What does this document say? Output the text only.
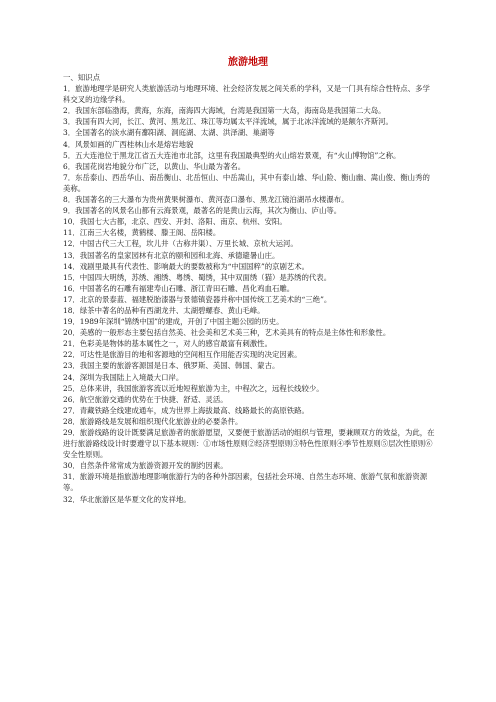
旅游地理

一、知识点

1．旅游地理学是研究人类旅游活动与地理环境、社会经济发展之间关系的学科，又是一门具有综合性特点、多学科交叉的边缘学科。

2．我国东部临渤海，黄海，东海，南海四大海域，台湾是我国第一大岛，海南岛是我国第二大岛。

3．我国有四大河，长江、黄河、黑龙江、珠江等均属太平洋流域，属于北冰洋流域的是额尔齐斯河。

3．全国著名的淡水湖有鄱阳湖、洞庭湖、太湖、洪泽湖、巢湖等

4．风景如画的广西桂林山水是熔岩地貌

5．五大连池位于黑龙江省五大连池市北部，这里有我国最典型的火山熔岩景观，有“火山博物馆”之称。

6．我国花岗岩地貌分布广泛，以黄山、华山最为著名。

7．东岳泰山、西岳华山、南岳衡山、北岳恒山、中岳嵩山，其中有泰山雄、华山险、衡山幽、嵩山俊、衡山秀的美称。

8．我国著名的三大瀑布为贵州黄果树瀑布、黄河壶口瀑布、黑龙江镜泊湖吊水楼瀑布。

9．我国著名的风景名山都有云海景观，最著名的是黄山云海，其次为衡山、庐山等。

10．我国七大古都，北京、西安、开封、洛阳、南京、杭州、安阳。

11．江南三大名楼，黄鹤楼、滕王阁、岳阳楼。

12．中国古代三大工程，坎儿井（古称井渠）、万里长城、京杭大运河。

13．我国著名的皇家园林有北京的颐和园和北海、承德避暑山庄。

14．戏剧里最具有代表性、影响最大的要数被称为“中国国粹”的京剧艺术。

15．中国四大明绣，苏绣、湘绣、粤绣、蜀绣，其中双面绣（猫）是苏绣的代表。

16．中国著名的石雕有福建寿山石雕、浙江青田石雕、昌化鸡血石雕。

17．北京的景泰蓝、福建脱胎漆器与景德镇瓷器并称中国传统工艺美术的“三绝”。

18．绿茶中著名的品种有西湖龙井、太湖碧螺春、黄山毛峰。

19．1989年深圳“锦绣中国”的建成，开创了中国主题公园的历史。

20．美感的一般形态主要包括自然美、社会美和艺术美三种，艺术美具有的特点是主体性和形象性。

21．色彩美是物体的基本属性之一，对人的感官最富有刺激性。

22．可达性是旅游目的地和客源地的空间相互作用能否实现的决定因素。

23．我国主要的旅游客源国是日本、俄罗斯、美国、韩国、蒙古。

24．深圳为我国陆上入境最大口岸。

25．总体来讲，我国旅游客流以近地短程旅游为主，中程次之，远程长线较少。

26．航空旅游交通的优势在于快捷、舒适、灵活。

27．青藏铁路全线建成通车，成为世界上海拔最高、线路最长的高原铁路。

28．旅游路线是发展和组织现代化旅游业的必要条件。

29．旅游线路的设计既要满足旅游者的旅游愿望，又要便于旅游活动的组织与管理，要兼顾双方的效益，为此，在进行旅游路线设计时要遵守以下基本规则：①市场性原则②经济型原则③特色性原则④季节性原则⑤层次性原则⑥安全性原则。

30．自然条件常常成为旅游资源开发的制约因素。

31．旅游环境是指旅游地理影响旅游行为的各种外部因素，包括社会环境、自然生态环境、旅游气氛和旅游资源等。

32．华北旅游区是华夏文化的发祥地。
